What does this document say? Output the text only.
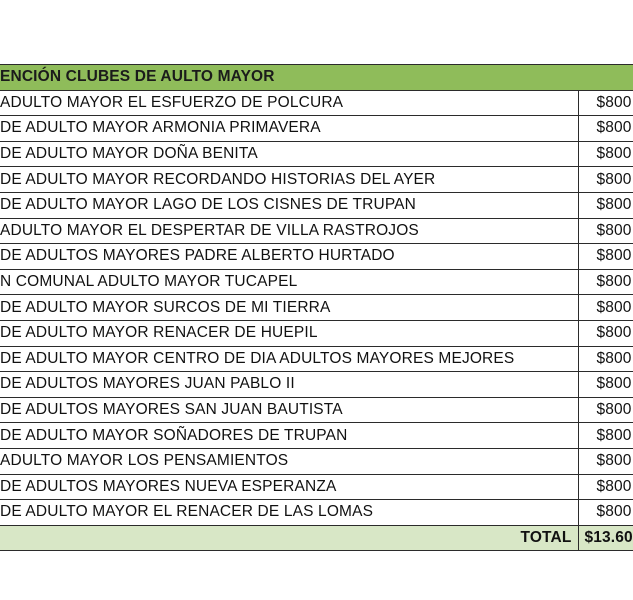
ENCIÓN CLUBES DE AULTO MAYOR	
ADULTO MAYOR EL ESFUERZO DE POLCURA	$800
DE ADULTO MAYOR ARMONIA PRIMAVERA	$800
DE ADULTO MAYOR DOÑA BENITA	$800
DE ADULTO MAYOR RECORDANDO HISTORIAS DEL AYER	$800
DE ADULTO MAYOR LAGO DE LOS CISNES DE TRUPAN	$800
ADULTO MAYOR EL DESPERTAR DE VILLA RASTROJOS	$800
DE ADULTOS MAYORES PADRE ALBERTO HURTADO	$800
N COMUNAL ADULTO MAYOR TUCAPEL	$800
DE ADULTO MAYOR SURCOS DE MI TIERRA	$800
DE ADULTO MAYOR RENACER DE HUEPIL	$800
DE ADULTO MAYOR CENTRO DE DIA ADULTOS MAYORES MEJORES	$800
DE ADULTOS MAYORES JUAN PABLO II	$800
DE ADULTOS MAYORES SAN JUAN BAUTISTA	$800
DE ADULTO MAYOR SOÑADORES DE TRUPAN	$800
ADULTO MAYOR LOS PENSAMIENTOS	$800
DE ADULTOS MAYORES NUEVA ESPERANZA	$800
DE ADULTO MAYOR EL RENACER DE LAS LOMAS	$800
TOTAL	$13.60
